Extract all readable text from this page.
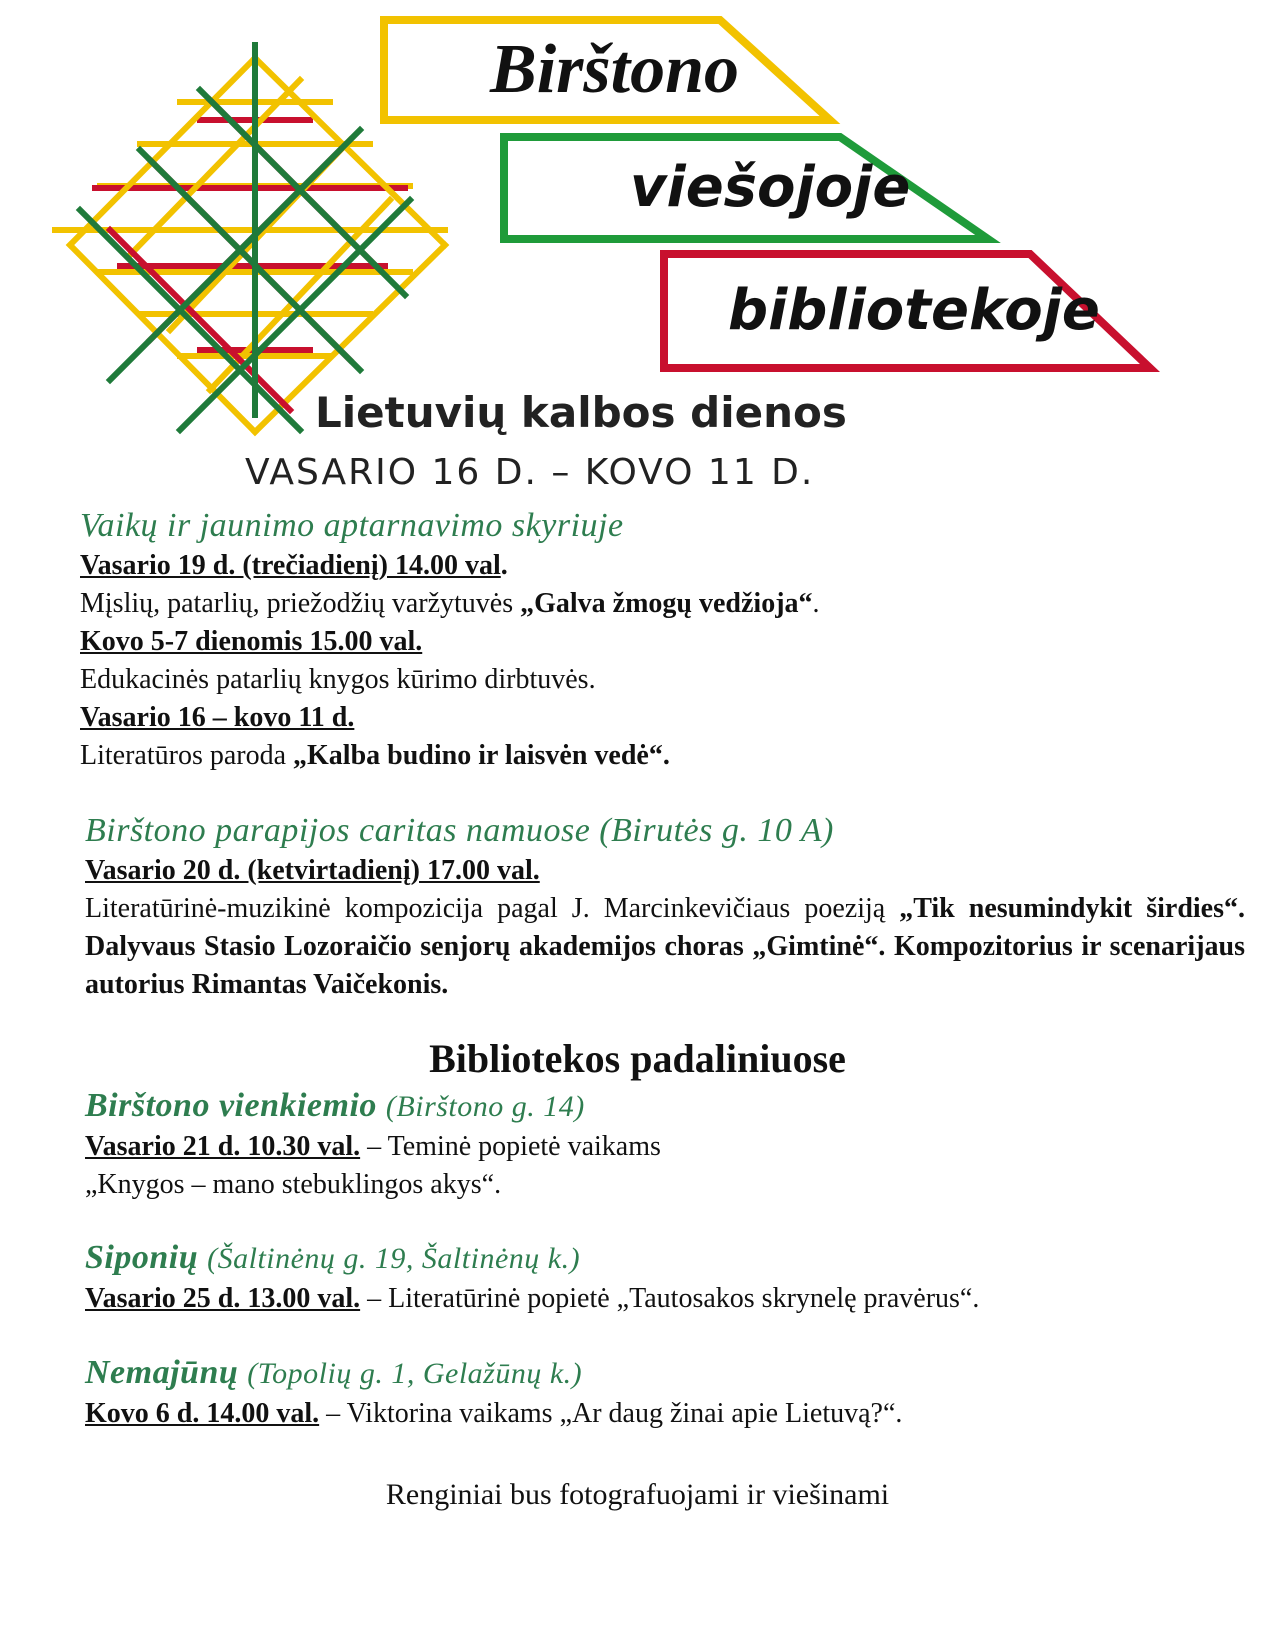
Birštono
viešojoje
bibliotekoje
Lietuvių kalbos dienos
VASARIO 16 D. – KOVO 11 D.
Vaikų ir jaunimo aptarnavimo skyriuje
Vasario 19 d. (trečiadienį) 14.00 val.
Mįslių, patarlių, priežodžių varžytuvės „Galva žmogų vedžioja“.
Kovo 5-7 dienomis 15.00 val.
Edukacinės patarlių knygos kūrimo dirbtuvės.
Vasario 16 – kovo 11 d.
Literatūros paroda „Kalba budino ir laisvėn vedė“.
Birštono parapijos caritas namuose (Birutės g. 10 A)
Vasario 20 d. (ketvirtadienį) 17.00 val.
Literatūrinė-muzikinė kompozicija pagal J. Marcinkevičiaus poeziją „Tik nesumindykit širdies“. Dalyvaus Stasio Lozoraičio senjorų akademijos choras „Gimtinė“. Kompozitorius ir scenarijaus autorius Rimantas Vaičekonis.
Bibliotekos padaliniuose
Birštono vienkiemio (Birštono g. 14)
Vasario 21 d. 10.30 val. – Teminė popietė vaikams
„Knygos – mano stebuklingos akys“.
Siponių (Šaltinėnų g. 19, Šaltinėnų k.)
Vasario 25 d. 13.00 val. – Literatūrinė popietė „Tautosakos skrynelę pravėrus“.
Nemajūnų (Topolių g. 1, Gelažūnų k.)
Kovo 6 d. 14.00 val. – Viktorina vaikams „Ar daug žinai apie Lietuvą?“.
Renginiai bus fotografuojami ir viešinami
